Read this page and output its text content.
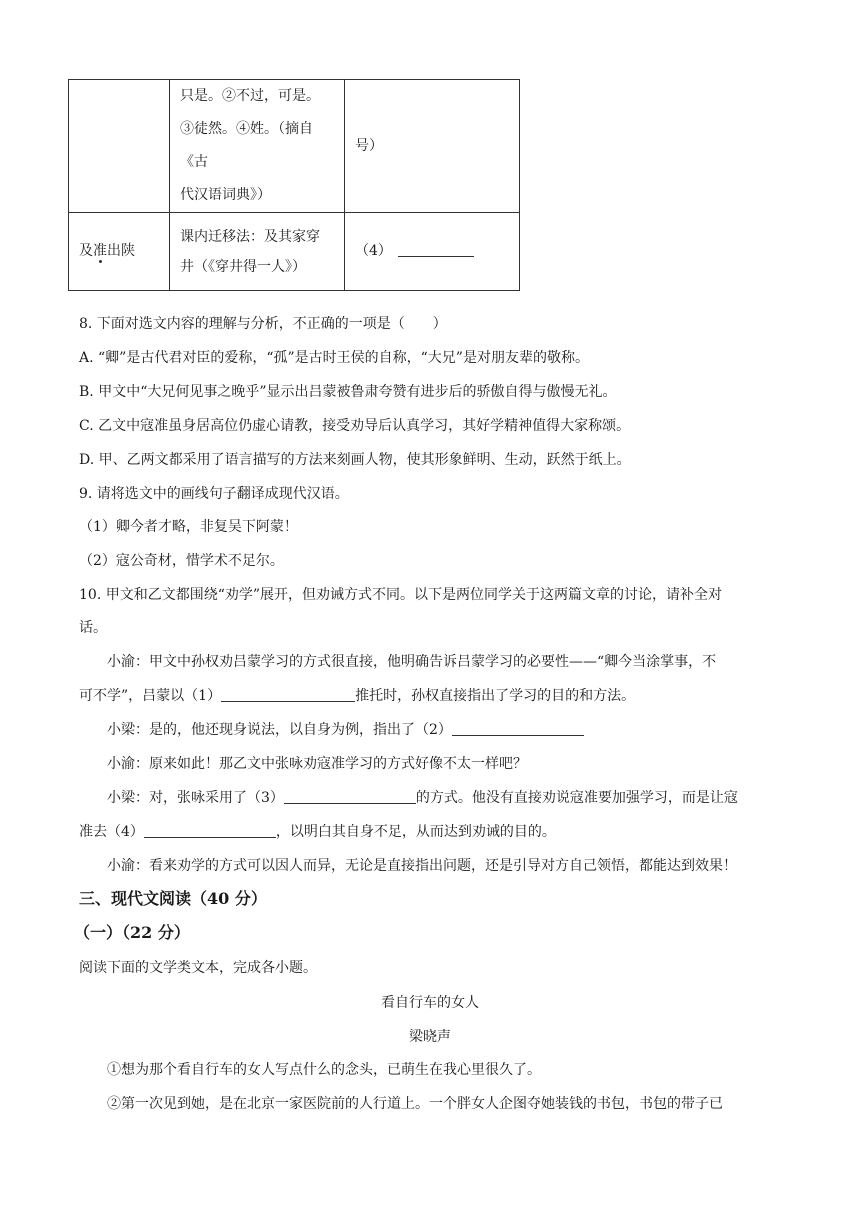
	只是。②不过，可是。
③徒然。④姓。（摘自《古
代汉语词典》）	号）
及准出陕	课内迁移法：及其家穿
井（《穿井得一人》）	（4）
8. 下面对选文内容的理解与分析，不正确的一项是（　　）
A. “卿”是古代君对臣的爱称，“孤”是古时王侯的自称，“大兄”是对朋友辈的敬称。
B. 甲文中“大兄何见事之晚乎”显示出吕蒙被鲁肃夸赞有进步后的骄傲自得与傲慢无礼。
C. 乙文中寇准虽身居高位仍虚心请教，接受劝导后认真学习，其好学精神值得大家称颂。
D. 甲、乙两文都采用了语言描写的方法来刻画人物，使其形象鲜明、生动，跃然于纸上。
9. 请将选文中的画线句子翻译成现代汉语。
（1）卿今者才略，非复吴下阿蒙！
（2）寇公奇材，惜学术不足尔。
10. 甲文和乙文都围绕“劝学”展开，但劝诫方式不同。以下是两位同学关于这两篇文章的讨论，请补全对
话。
小渝：甲文中孙权劝吕蒙学习的方式很直接，他明确告诉吕蒙学习的必要性——“卿今当涂掌事，不
可不学”，吕蒙以（1）	推托时，孙权直接指出了学习的目的和方法。
小梁：是的，他还现身说法，以自身为例，指出了（2）
小渝：原来如此！那乙文中张咏劝寇准学习的方式好像不太一样吧？
小梁：对，张咏采用了（3）	的方式。他没有直接劝说寇准要加强学习，而是让寇
准去（4）	，以明白其自身不足，从而达到劝诫的目的。
小渝：看来劝学的方式可以因人而异，无论是直接指出问题，还是引导对方自己领悟，都能达到效果！
三、现代文阅读（40 分）
（一）（22 分）
阅读下面的文学类文本，完成各小题。
看自行车的女人
梁晓声
①想为那个看自行车的女人写点什么的念头，已萌生在我心里很久了。
②第一次见到她，是在北京一家医院前的人行道上。一个胖女人企图夺她装钱的书包，书包的带子已
